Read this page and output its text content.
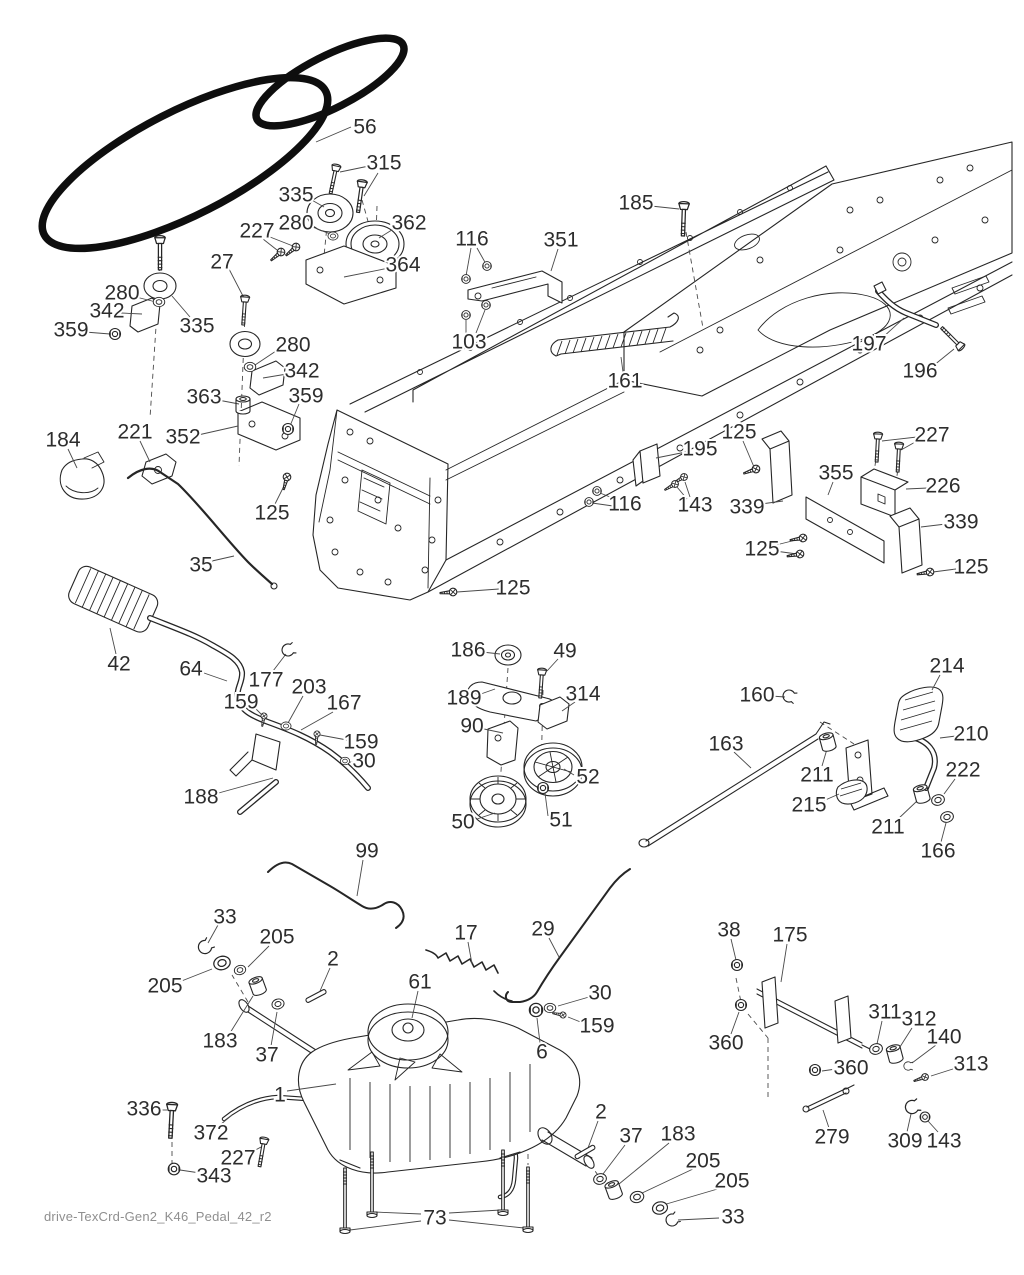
56
315
335
280
227	362
364
27
280
342
359	335
280
342
363	359
352
221
184
125
35
42 64 177 203
159	167
159
30
188
185
116	351
103
161
197
196
125
195
227
355
226
116 143 339
339
125
125
125
186	49
189	314
90
52
50	51
160
214
163	210
211	222
215
211
166
99
33
205
2
205	61
183
37
17	29
30
159
6
38 175
360
311 312
140
313
360
279 309 143
336
372
227
343
1
2
37 183
205
205
33
73
drive-TexCrd-Gen2_K46_Pedal_42_r2
